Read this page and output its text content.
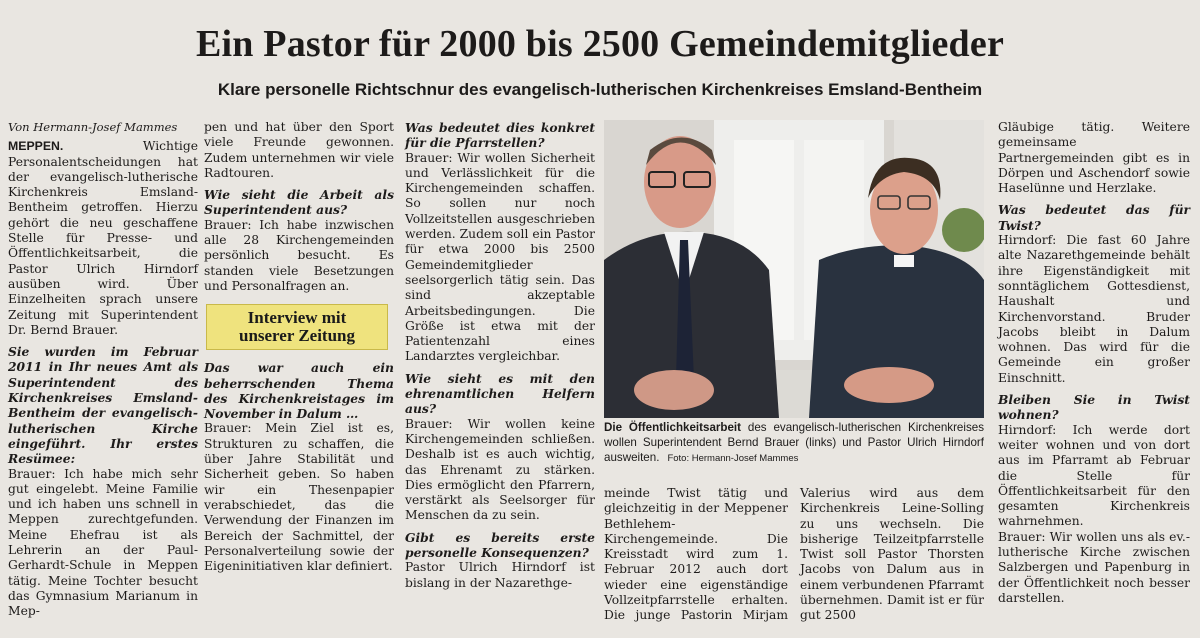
Ein Pastor für 2000 bis 2500 Gemeindemitglieder
Klare personelle Richtschnur des evangelisch-lutherischen Kirchenkreises Emsland-Bentheim
Von Hermann-Josef Mammes

MEPPEN.	Wichtige Personalentscheidungen hat der evangelisch-lutherische Kirchenkreis Emsland-Bentheim getroffen. Hierzu gehört die neu geschaffene Stelle für Presse- und Öffentlichkeitsarbeit, die Pastor Ulrich Hirndorf ausüben wird. Über Einzelheiten sprach unsere Zeitung mit Superintendent Dr. Bernd Brauer.

Sie wurden im Februar 2011 in Ihr neues Amt als Superintendent des Kirchenkreises Emsland-Bentheim der evangelisch-lutherischen Kirche eingeführt. Ihr erstes Resümee:

Brauer: Ich habe mich sehr gut eingelebt. Meine Familie und ich haben uns schnell in Meppen zurechtgefunden. Meine Ehefrau ist als Lehrerin an der Paul-Gerhardt-Schule in Meppen tätig. Meine Tochter besucht das Gymnasium Marianum in Mep-

pen und hat über den Sport viele Freunde gewonnen. Zudem unternehmen wir viele Radtouren.

Wie sieht die Arbeit als Superintendent aus?

Brauer: Ich habe inzwischen alle 28 Kirchengemeinden persönlich besucht. Es standen viele Besetzungen und Personalfragen an.

Interview mit
unserer Zeitung

Das war auch ein beherrschenden Thema des Kirchenkreistages im November in Dalum …

Brauer: Mein Ziel ist es, Strukturen zu schaffen, die über Jahre Stabilität und Sicherheit geben. So haben wir ein Thesenpapier verabschiedet, das die Verwendung der Finanzen im Bereich der Sachmittel, der Personalverteilung sowie der Eigeninitiativen klar definiert.

Was bedeutet dies konkret für die Pfarrstellen?

Brauer: Wir wollen Sicherheit und Verlässlichkeit für die Kirchengemeinden schaffen. So sollen nur noch Vollzeitstellen ausgeschrieben werden. Zudem soll ein Pastor für etwa 2000 bis 2500 Gemeindemitglieder seelsorgerlich tätig sein. Das sind akzeptable Arbeitsbedingungen. Die Größe ist etwa mit der Patientenzahl eines Landarztes vergleichbar.

Wie sieht es mit den ehrenamtlichen Helfern aus?

Brauer: Wir wollen keine Kirchengemeinden schließen. Deshalb ist es auch wichtig, das Ehrenamt zu stärken. Dies ermöglicht den Pfarrern, verstärkt als Seelsorger für Menschen da zu sein.

Gibt es bereits erste personelle Konsequenzen?

Pastor Ulrich Hirndorf ist bislang in der Nazarethge-

Die Öffentlichkeitsarbeit des evangelisch-lutherischen Kirchenkreises wollen Superintendent Bernd Brauer (links) und Pastor Ulrich Hirndorf ausweiten. Foto: Hermann-Josef Mammes

meinde Twist tätig und gleichzeitig in der Meppener Bethlehem-Kirchengemeinde. Die Kreisstadt wird zum 1. Februar 2012 auch dort wieder eine eigenständige Vollzeitpfarrstelle erhalten. Die junge Pastorin Mirjam Valerius wird aus dem Kirchenkreis Leine-Solling zu uns wechseln. Die bisherige Teilzeitpfarrstelle Twist soll Pastor Thorsten Jacobs von Dalum aus in einem verbundenen Pfarramt übernehmen. Damit ist er für gut 2500

Gläubige tätig. Weitere gemeinsame Partnergemeinden gibt es in Dörpen und Aschendorf sowie Haselünne und Herzlake.

Was bedeutet das für Twist?

Hirndorf: Die fast 60 Jahre alte Nazarethgemeinde behält ihre Eigenständigkeit mit sonntäglichem Gottesdienst, Haushalt und Kirchenvorstand. Bruder Jacobs bleibt in Dalum wohnen. Das wird für die Gemeinde ein großer Einschnitt.

Bleiben Sie in Twist wohnen?

Hirndorf: Ich werde dort weiter wohnen und von dort aus im Pfarramt ab Februar die Stelle für Öffentlichkeitsarbeit für den gesamten Kirchenkreis wahrnehmen.

Brauer: Wir wollen uns als ev.-lutherische Kirche zwischen Salzbergen und Papenburg in der Öffentlichkeit noch besser darstellen.
